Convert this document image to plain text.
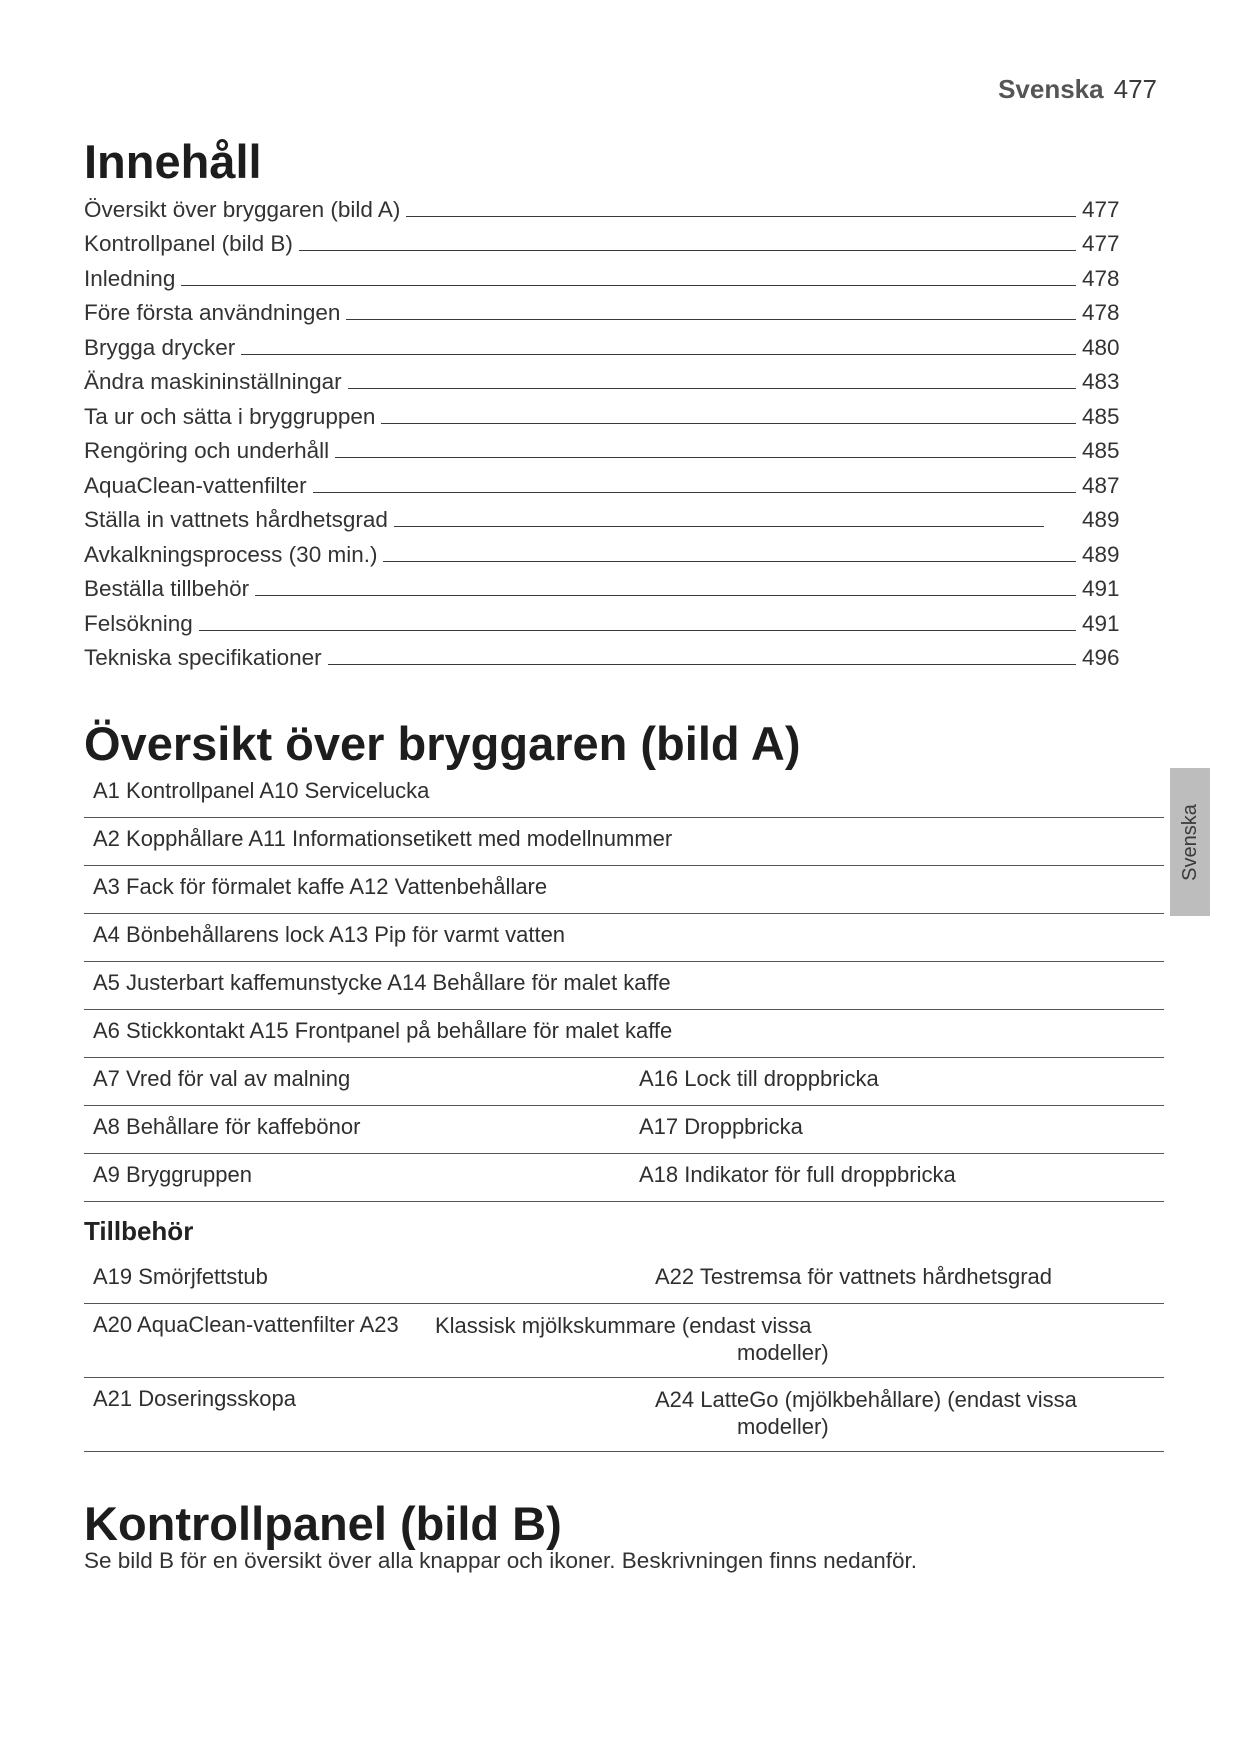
Svenska 477
Svenska
Innehåll
Översikt över bryggaren (bild A)	477
Kontrollpanel (bild B)	477
Inledning	478
Före första användningen	478
Brygga drycker	480
Ändra maskininställningar	483
Ta ur och sätta i bryggruppen	485
Rengöring och underhåll	485
AquaClean-vattenfilter	487
Ställa in vattnets hårdhetsgrad	489
Avkalkningsprocess (30 min.)	489
Beställa tillbehör	491
Felsökning	491
Tekniska specifikationer	496
Översikt över bryggaren (bild A)
A1 Kontrollpanel A10 Servicelucka
A2 Kopphållare A11 Informationsetikett med modellnummer
A3 Fack för förmalet kaffe A12 Vattenbehållare
A4 Bönbehållarens lock A13 Pip för varmt vatten
A5 Justerbart kaffemunstycke A14 Behållare för malet kaffe
A6 Stickkontakt A15 Frontpanel på behållare för malet kaffe
A7 Vred för val av malning	A16 Lock till droppbricka
A8 Behållare för kaffebönor	A17 Droppbricka
A9 Bryggruppen	A18 Indikator för full droppbricka
Tillbehör
A19 Smörjfettstub	A22 Testremsa för vattnets hårdhetsgrad
A20 AquaClean-vattenfilter A23 Klassisk mjölkskummare (endast vissa
modeller)
A21 Doseringsskopa	A24 LatteGo (mjölkbehållare) (endast vissa
modeller)
Kontrollpanel (bild B)
Se bild B för en översikt över alla knappar och ikoner. Beskrivningen finns nedanför.
